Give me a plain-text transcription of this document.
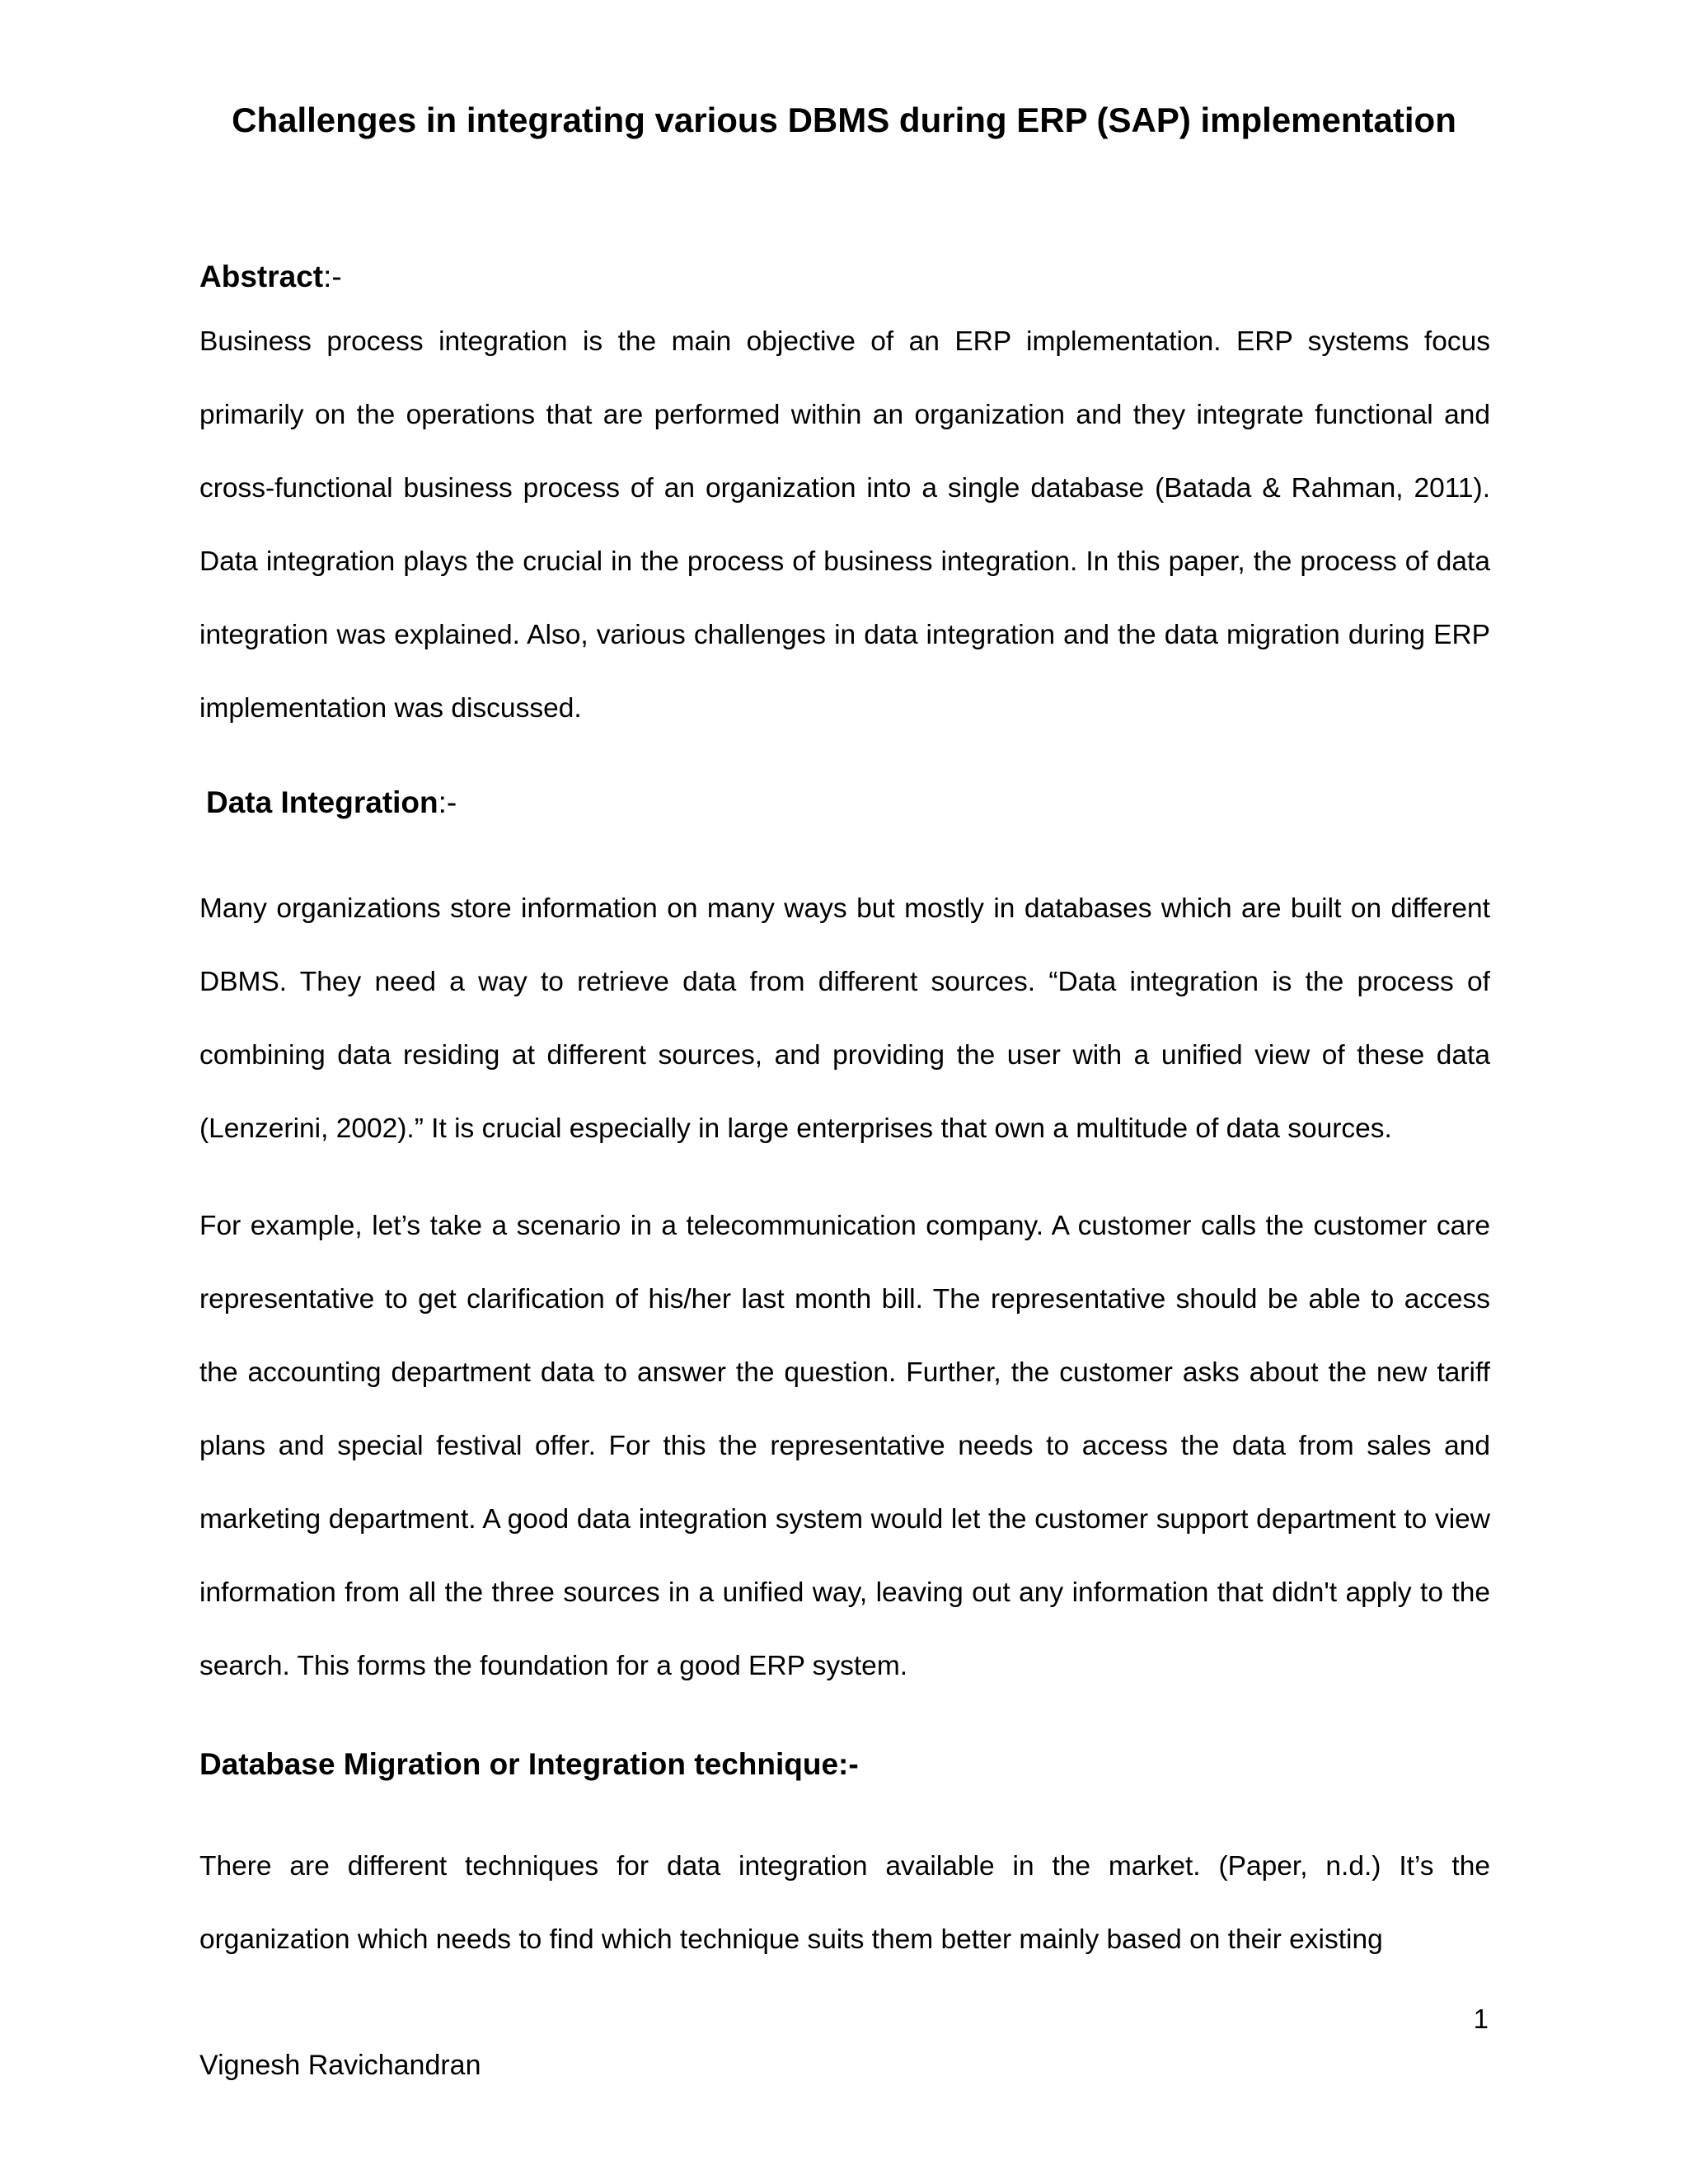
Challenges in integrating various DBMS during ERP (SAP) implementation
Abstract:-

Business process integration is the main objective of an ERP implementation. ERP systems focus primarily on the operations that are performed within an organization and they integrate functional and cross-functional business process of an organization into a single database (Batada & Rahman, 2011). Data integration plays the crucial in the process of business integration. In this paper, the process of data integration was explained. Also, various challenges in data integration and the data migration during ERP implementation was discussed.

Data Integration:-

Many organizations store information on many ways but mostly in databases which are built on different DBMS. They need a way to retrieve data from different sources. “Data integration is the process of combining data residing at different sources, and providing the user with a unified view of these data (Lenzerini, 2002).” It is crucial especially in large enterprises that own a multitude of data sources.

For example, let’s take a scenario in a telecommunication company. A customer calls the customer care representative to get clarification of his/her last month bill. The representative should be able to access the accounting department data to answer the question. Further, the customer asks about the new tariff plans and special festival offer. For this the representative needs to access the data from sales and marketing department. A good data integration system would let the customer support department to view information from all the three sources in a unified way, leaving out any information that didn't apply to the search. This forms the foundation for a good ERP system.

Database Migration or Integration technique:-

There are different techniques for data integration available in the market. (Paper, n.d.) It’s the organization which needs to find which technique suits them better mainly based on their existing

1
Vignesh Ravichandran
